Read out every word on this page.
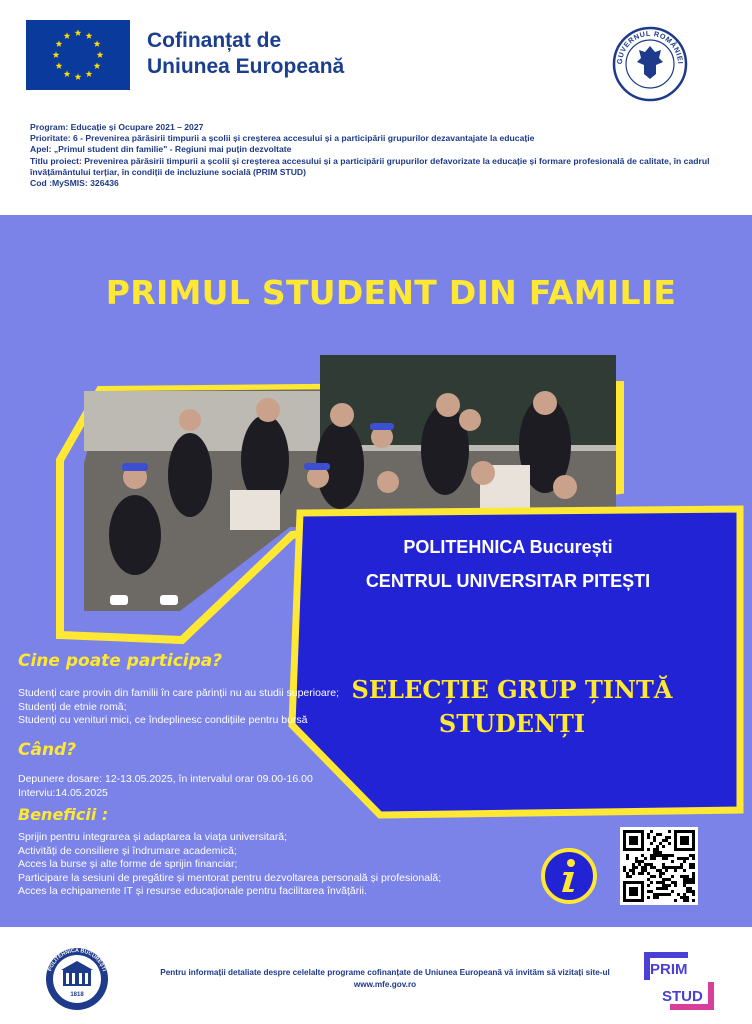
Cofinanțat de
Uniunea Europeană	GUVERNUL ROMÂNIEI
Program: Educație și Ocupare 2021 – 2027
Prioritate: 6 - Prevenirea părăsirii timpurii a școlii și creșterea accesului și a participării grupurilor dezavantajate la educație
Apel: „Primul student din familie" - Regiuni mai puțin dezvoltate
Titlu proiect: Prevenirea părăsirii timpurii a școlii și creșterea accesului și a participării grupurilor defavorizate la educație și formare profesională de calitate, în cadrul învățământului terțiar, în condiții de incluziune socială (PRIM STUD)
Cod :MySMIS: 326436
PRIMUL STUDENT DIN FAMILIE
POLITEHNICA București
CENTRUL UNIVERSITAR PITEȘTI
SELECȚIE GRUP ȚINTĂ
STUDENȚI
Cine poate participa?
Studenți care provin din familii în care părinții nu au studii superioare;
Studenți de etnie romă;
Studenți cu venituri mici, ce îndeplinesc condițiile pentru bursă
Când?
Depunere dosare: 12-13.05.2025, în intervalul orar 09.00-16.00
Interviu:14.05.2025
Beneficii :
Sprijin pentru integrarea și adaptarea la viața universitară;
Activități de consiliere și îndrumare academică;
Acces la burse și alte forme de sprijin financiar;
Participare la sesiuni de pregătire și mentorat pentru dezvoltarea personală și profesională;
Acces la echipamente IT și resurse educaționale pentru facilitarea învățării.
POLITEHNICA BUCUREȘTI
1818
Pentru informații detaliate despre celelalte programe cofinanțate de Uniunea Europeană vă invităm să vizitați site-ul
www.mfe.gov.ro
PRIM
STUD
